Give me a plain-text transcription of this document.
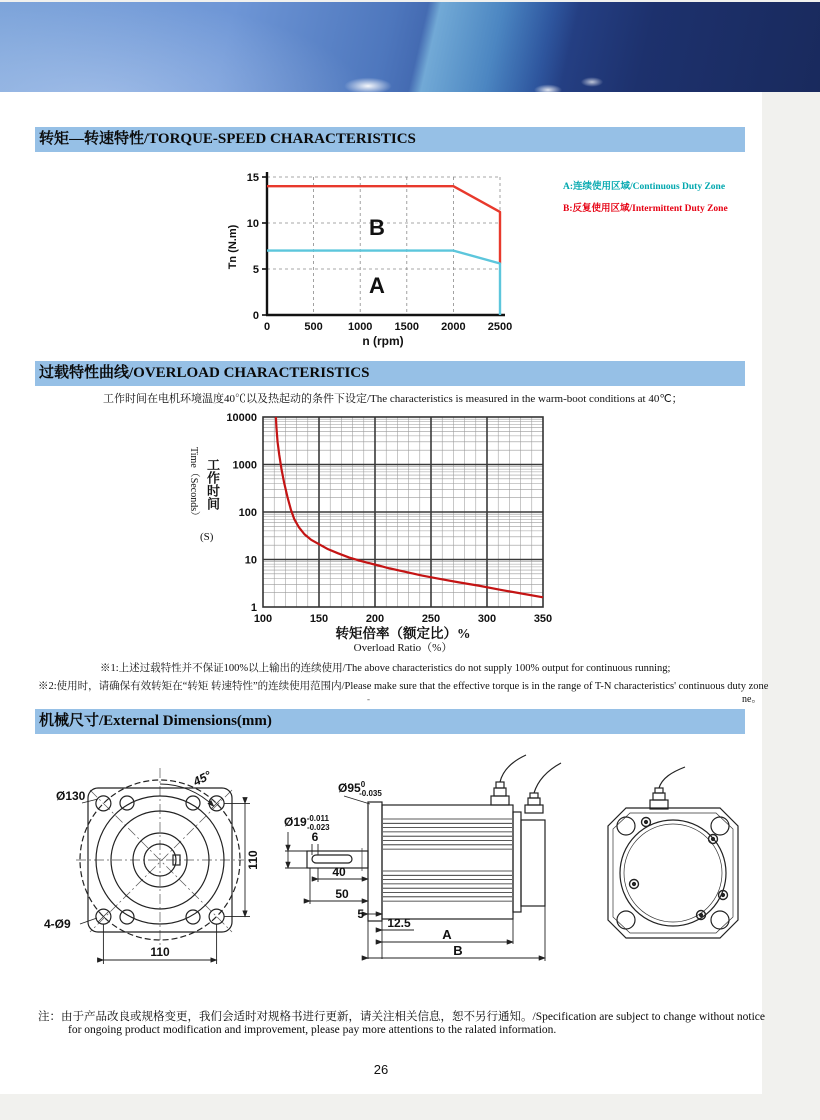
转矩—转速特性/TORQUE-SPEED CHARACTERISTICS
B
A
0	500 1000 1500 2000 2500
0
5
10
15
Tn (N.m)
n (rpm)
A:连续使用区域/Continuous Duty Zone
B:反复使用区域/Intermittent Duty Zone
过载特性曲线/OVERLOAD CHARACTERISTICS
工作时间在电机环境温度40℃以及热起动的条件下设定/The characteristics is measured in the warm-boot conditions at 40℃；
100	150	200	250	300	350
1
10
100
1000
10000
Time（Seconds） 工作时间
(S)
转矩倍率（额定比）%
Overload Ratio（%）
※1:上述过载特性并不保证100%以上输出的连续使用/The above characteristics do not supply 100% output for continuous running;
※2:使用时，请确保有效转矩在“转矩 转速特性”的连续使用范围内/Please make sure that the effective torque is in the range of T-N characteristics' continuous duty zone
-	ne。
机械尺寸/External Dimensions(mm)
45°
Ø130
4-Ø9
110
110
$Ø19^{-0.011}$ -0.023
$Ø95^0$ -0.035
6
40
50
5
12.5
A
B
注：由于产品改良或规格变更，我们会适时对规格书进行更新，请关注相关信息，恕不另行通知。/Specification are subject to change without notice
for ongoing product modification and improvement, please pay more attentions to the ralated information.
26
